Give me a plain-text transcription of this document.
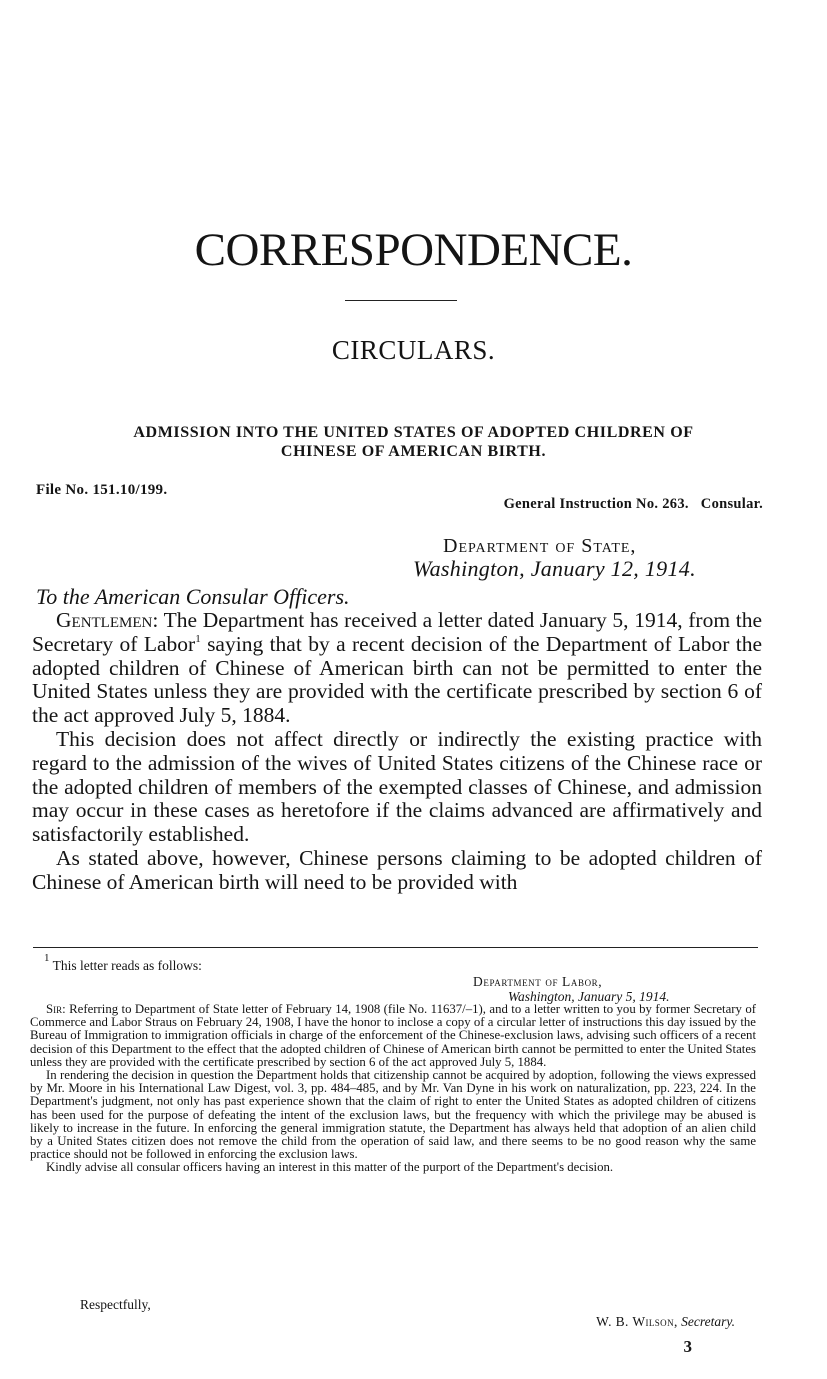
CORRESPONDENCE.
CIRCULARS.
ADMISSION INTO THE UNITED STATES OF ADOPTED CHILDREN OF
CHINESE OF AMERICAN BIRTH.
File No. 151.10/199.
General Instruction No. 263. Consular.
Department of State,
Washington, January 12, 1914.
To the American Consular Officers.

Gentlemen: The Department has received a letter dated January 5, 1914, from the Secretary of Labor$^1$ saying that by a recent decision of the Department of Labor the adopted children of Chinese of American birth can not be permitted to enter the United States unless they are provided with the certificate prescribed by section 6 of the act approved July 5, 1884.

This decision does not affect directly or indirectly the existing practice with regard to the admission of the wives of United States citizens of the Chinese race or the adopted children of members of the exempted classes of Chinese, and admission may occur in these cases as heretofore if the claims advanced are affirmatively and satisfactorily established.

As stated above, however, Chinese persons claiming to be adopted children of Chinese of American birth will need to be provided with

$^1$ This letter reads as follows:
Department of Labor,
Washington, January 5, 1914.

Sir: Referring to Department of State letter of February 14, 1908 (file No. 11637/–1), and to a letter written to you by former Secretary of Commerce and Labor Straus on February 24, 1908, I have the honor to inclose a copy of a circular letter of instructions this day issued by the Bureau of Immigration to immigration officials in charge of the enforcement of the Chinese-exclusion laws, advising such officers of a recent decision of this Department to the effect that the adopted children of Chinese of American birth cannot be permitted to enter the United States unless they are provided with the certificate prescribed by section 6 of the act approved July 5, 1884.

In rendering the decision in question the Department holds that citizenship cannot be acquired by adoption, following the views expressed by Mr. Moore in his International Law Digest, vol. 3, pp. 484–485, and by Mr. Van Dyne in his work on naturalization, pp. 223, 224. In the Department's judgment, not only has past experience shown that the claim of right to enter the United States as adopted children of citizens has been used for the purpose of defeating the intent of the exclusion laws, but the frequency with which the privilege may be abused is likely to increase in the future. In enforcing the general immigration statute, the Department has always held that adoption of an alien child by a United States citizen does not remove the child from the operation of said law, and there seems to be no good reason why the same practice should not be followed in enforcing the exclusion laws.

Kindly advise all consular officers having an interest in this matter of the purport of the Department's decision.

Respectfully,
W. B. Wilson, Secretary.
3
